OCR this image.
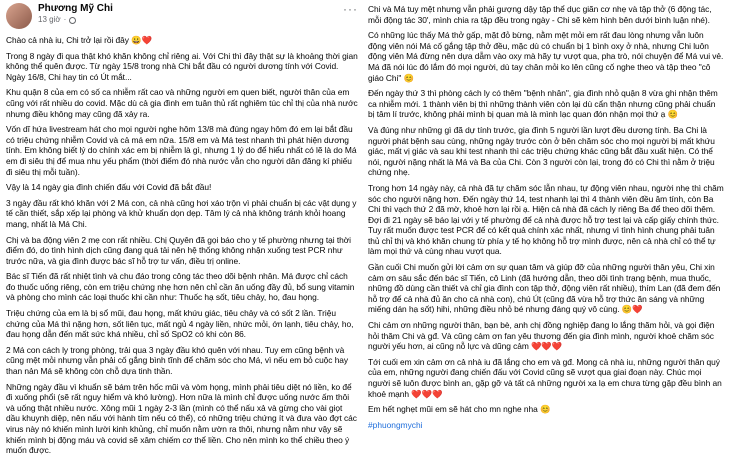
Phương Mỹ Chi
13 giờ ·
···

Chào cả nhà iu, Chi trở lại rồi đây 😀❤️

Trong 8 ngày đi qua thật khó khăn không chỉ riêng ai. Với Chi thì đây thật sự là khoảng thời gian không thể quên được. Từ ngày 15/8 trong nhà Chi bắt đầu có người dương tính với Covid. Ngày 16/8, Chi hay tin có Út mắt...

Khu quận 8 của em có số ca nhiễm rất cao và những người em quen biết, người thân của em cũng với rất nhiều do covid. Mặc dù cả gia đình em tuân thủ rất nghiêm túc chỉ thị của nhà nước nhưng điều không may cũng đã xảy ra.

Vốn dĩ hứa livestream hát cho mọi người nghe hôm 13/8 mà đúng ngay hôm đó em lại bắt đầu có triệu chứng nhiễm Covid và cả má em nữa. 15/8 em và Má test nhanh thì phát hiện dương tính. Em không biết lý do chính xác em bị nhiễm là gì, nhưng 1 lý do để hiểu nhất có lẽ là do Má em đi siêu thị để mua nhu yếu phẩm (thời điểm đó nhà nước vẫn cho người dân đăng kí phiếu đi siêu thị mỗi tuần).

Vậy là 14 ngày gia đình chiến đấu với Covid đã bắt đầu!

3 ngày đầu rất khó khăn với 2 Má con, cả nhà cũng hơi xáo trộn vì phải chuẩn bị các vật dụng y tế cần thiết, sắp xếp lại phòng và khử khuẩn dọn dẹp. Tâm lý cả nhà không tránh khỏi hoang mang, nhất là Má Chi.

Chị và ba động viên 2 mẹ con rất nhiều. Chị Quyên đã gọi báo cho y tế phường nhưng tại thời điểm đó, do tình hình dịch cũng đang quá tải nên hệ thống không nhận xuống test PCR như trước nữa, và gia đình được bác sĩ hỗ trợ tư vấn, điều trị online.

Bác sĩ Tiến đã rất nhiệt tình và chu đáo trong công tác theo dõi bệnh nhân. Má được chỉ cách đo thuốc uống riêng, còn em triệu chứng nhẹ hơn nên chỉ cần ăn uống đầy đủ, bổ sung vitamin và phòng cho mình các loại thuốc khi cần như: Thuốc hạ sốt, tiêu chảy, ho, đau họng.

Triệu chứng của em là bị sổ mũi, đau họng, mất khứu giác, tiêu chảy và có sốt 2 lần. Triệu chứng của Má thì nặng hơn, sốt liên tục, mất ngủ 4 ngày liền, nhức mỏi, ớn lạnh, tiêu chảy, ho, đau họng dẫn đến mất sức khá nhiều, chỉ số SpO2 có khi còn 86.

2 Má con cách ly trong phòng, trải qua 3 ngày đầu khó quên với nhau. Tuy em cũng bệnh và cũng mệt mỏi nhưng vẫn phải cố gắng bình tĩnh để chăm sóc cho Má, vì nếu em bỏ cuộc hay than nản Má sẽ không còn chỗ dựa tinh thần.

Những ngày đầu vì khuẩn sẽ bám trên hốc mũi và vòm họng, mình phải tiêu diệt nó liền, ko để đi xuống phổi (sẽ rất nguy hiểm và khó lường). Hơn nữa là mình chỉ được uống nước ấm thôi và uống thật nhiều nước. Xông mũi 1 ngày 2-3 lần (mình có thể nấu xả và gừng cho vài giọt dầu khuynh diệp, nên nấu với hành tím nếu có thể), có những triệu chứng ít và đưa vào đợt các virus này nó khiến mình lười kinh khủng, chỉ muốn nằm ườn ra thôi, nhưng nằm như vậy sẽ khiến mình bị động máu và covid sẽ xâm chiếm cơ thể liền. Cho nên mình ko thể chiều theo ý muốn được.

Chi và Má tuy mệt nhưng vẫn phải gượng dậy tập thể dục giãn cơ nhẹ và tập thở (6 động tác, mỗi động tác 30', mình chia ra tập đều trong ngày - Chi sẽ kèm hình bên dưới bình luận nhé).

Có những lúc thấy Má thở gấp, mặt đỏ bừng, nằm mệt mỏi em rất đau lòng nhưng vẫn luôn động viên nói Má cố gắng tập thở đều, mặc dù có chuẩn bị 1 bình oxy ở nhà, nhưng Chi luôn động viên Má đừng nên dựa dẫm vào oxy mà hãy tự vượt qua, pha trò, nói chuyện để Má vui vẻ. Má đã nói lúc đó lắm đó mọi người, dù tay chân mỏi ko lên cũng cố nghe theo và tập theo "cô giáo Chi" 😊

Đến ngày thứ 3 thì phòng cách ly có thêm "bệnh nhân", gia đình nhỏ quận 8 vừa ghi nhận thêm ca nhiễm mới. 1 thành viên bị thì những thành viên còn lại dù cẩn thận nhưng cũng phải chuẩn bị tâm lí trước, không phải mình bị quan mà là mình lạc quan đón nhận mọi thứ ạ 😊

Và đúng như những gì đã dự tính trước, gia đình 5 người lần lượt đều dương tính. Ba Chi là người phát bệnh sau cùng, những ngày trước còn ở bên chăm sóc cho mọi người bị mất khứu giác, mất vị giác và sau khi test nhanh thì các triệu chứng khác cũng bắt đầu xuất hiện. Có thể nói, người nặng nhất là Má và Ba của Chi. Còn 3 người còn lại, trong đó có Chi thì nằm ở triệu chứng nhẹ.

Trong hơn 14 ngày này, cả nhà đã tự chăm sóc lẫn nhau, tự động viên nhau, người nhẹ thì chăm sóc cho người nặng hơn. Đến ngày thứ 14, test nhanh lại thì 4 thành viên đều âm tính, còn Ba Chi thì vạch thứ 2 đã mờ, khoẻ hơn lại rồi ạ. Hiện cả nhà đã cách ly riêng Ba để theo dõi thêm. Đợi đi 21 ngày sẽ báo lại với y tế phường để cả nhà được hỗ trợ test lại và cấp giấy chính thức. Tuy rất muốn được test PCR để có kết quả chính xác nhất, nhưng vì tình hình chung phải tuân thủ chỉ thị và khó khăn chung từ phía y tế họ không hỗ trợ mình được, nên cả nhà chỉ có thể tự làm mọi thứ và cùng nhau vượt qua.

Gần cuối Chi muốn gửi lời cảm ơn sự quan tâm và giúp đỡ của những người thân yêu, Chi xin cảm ơn sâu sắc đến bác sĩ Tiến, cô Linh (đã hướng dẫn, theo dõi tình trạng bệnh, mua thuốc, những đồ dùng cần thiết và chỉ gia đình con tập thở, động viên rất nhiều), thím Lan (đã đem đến hỗ trợ để cả nhà đủ ăn cho cả nhà con), chú Út (cũng đã vừa hỗ trợ thức ăn sáng và những miếng dán hạ sốt) hihi, những điều nhỏ bé nhưng đáng quý vô cùng. 😊❤️

Chi cảm ơn những người thân, bạn bè, anh chị đồng nghiệp đang lo lắng thăm hỏi, và gọi điện hỏi thăm Chi và gđ. Và cũng cảm ơn fan yêu thương đến gia đình mình, người khoẻ chăm sóc người yếu hơn, ai cũng nỗ lực và dũng cảm ❤️❤️❤️

Tới cuối em xin cảm ơn cả nhà iu đã lắng cho em và gđ. Mong cả nhà iu, những người thân quý của em, những người đang chiến đấu với Covid cũng sẽ vượt qua giai đoạn này. Chúc mọi người sẽ luôn được bình an, gặp gỡ và tất cả những người xa lạ em chưa từng gặp đều bình an khoẻ mạnh ❤️❤️❤️

Em hết nghẹt mũi em sẽ hát cho mn nghe nha 😊

#phuongmychi
